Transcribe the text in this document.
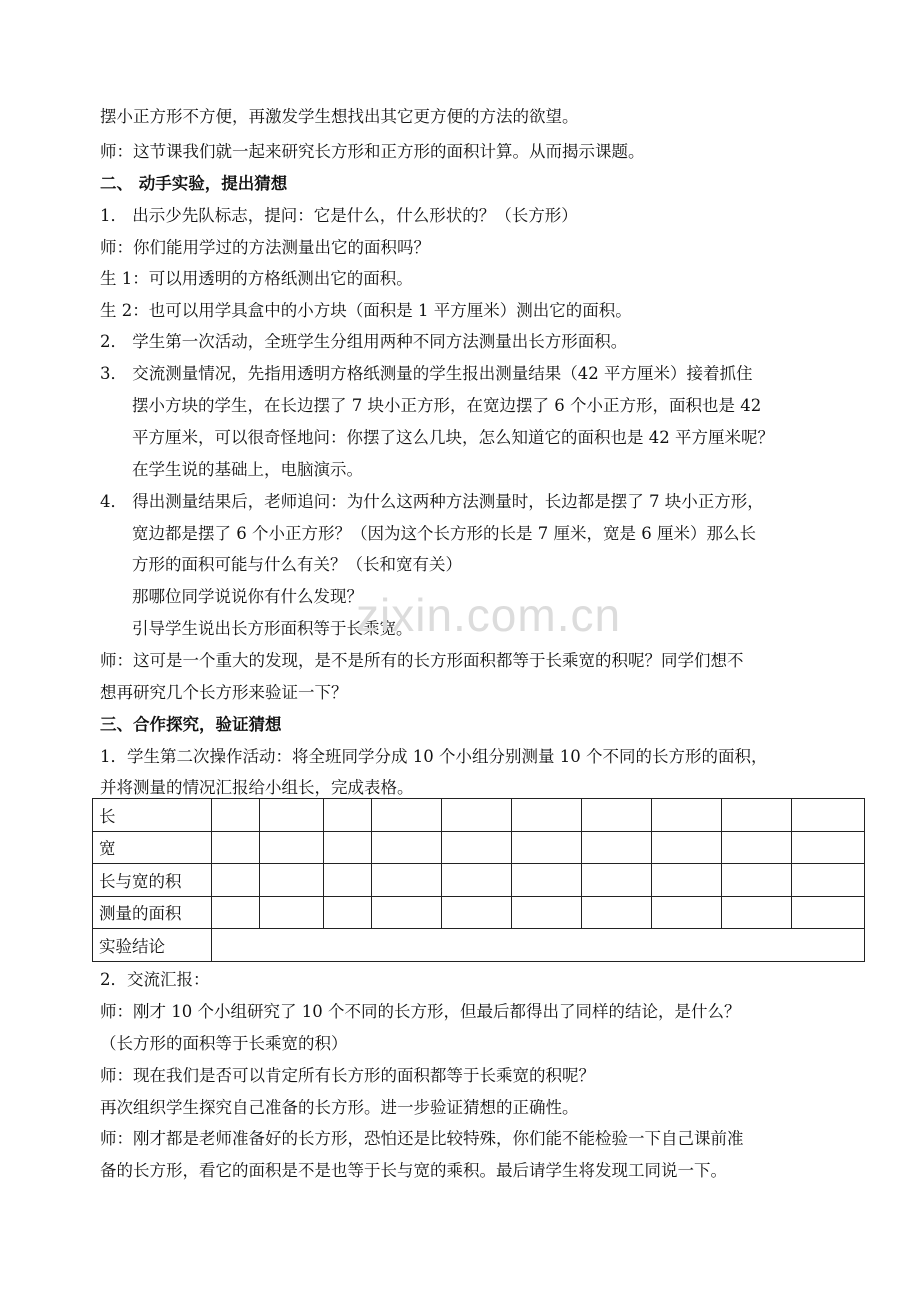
摆小正方形不方便，再激发学生想找出其它更方便的方法的欲望。
师：这节课我们就一起来研究长方形和正方形的面积计算。从而揭示课题。
二、 动手实验，提出猜想
1． 出示少先队标志，提问：它是什么，什么形状的？（长方形）
师：你们能用学过的方法测量出它的面积吗？
生 1：可以用透明的方格纸测出它的面积。
生 2：也可以用学具盒中的小方块（面积是 1 平方厘米）测出它的面积。
2． 学生第一次活动，全班学生分组用两种不同方法测量出长方形面积。
3． 交流测量情况，先指用透明方格纸测量的学生报出测量结果（42 平方厘米）接着抓住
摆小方块的学生，在长边摆了 7 块小正方形，在宽边摆了 6 个小正方形，面积也是 42
平方厘米，可以很奇怪地问：你摆了这么几块，怎么知道它的面积也是 42 平方厘米呢？
在学生说的基础上，电脑演示。
4． 得出测量结果后，老师追问：为什么这两种方法测量时，长边都是摆了 7 块小正方形，
宽边都是摆了 6 个小正方形？（因为这个长方形的长是 7 厘米，宽是 6 厘米）那么长
方形的面积可能与什么有关？（长和宽有关）
那哪位同学说说你有什么发现？
引导学生说出长方形面积等于长乘宽。
师：这可是一个重大的发现，是不是所有的长方形面积都等于长乘宽的积呢？同学们想不
想再研究几个长方形来验证一下？
三、合作探究，验证猜想
1．学生第二次操作活动：将全班同学分成 10 个小组分别测量 10 个不同的长方形的面积，
并将测量的情况汇报给小组长，完成表格。
长										
宽										
长与宽的积										
测量的面积										
实验结论										
2．交流汇报：
师：刚才 10 个小组研究了 10 个不同的长方形，但最后都得出了同样的结论，是什么？
（长方形的面积等于长乘宽的积）
师：现在我们是否可以肯定所有长方形的面积都等于长乘宽的积呢？
再次组织学生探究自己准备的长方形。进一步验证猜想的正确性。
师：刚才都是老师准备好的长方形，恐怕还是比较特殊，你们能不能检验一下自己课前准
备的长方形，看它的面积是不是也等于长与宽的乘积。最后请学生将发现工同说一下。
zixin.com.cn
